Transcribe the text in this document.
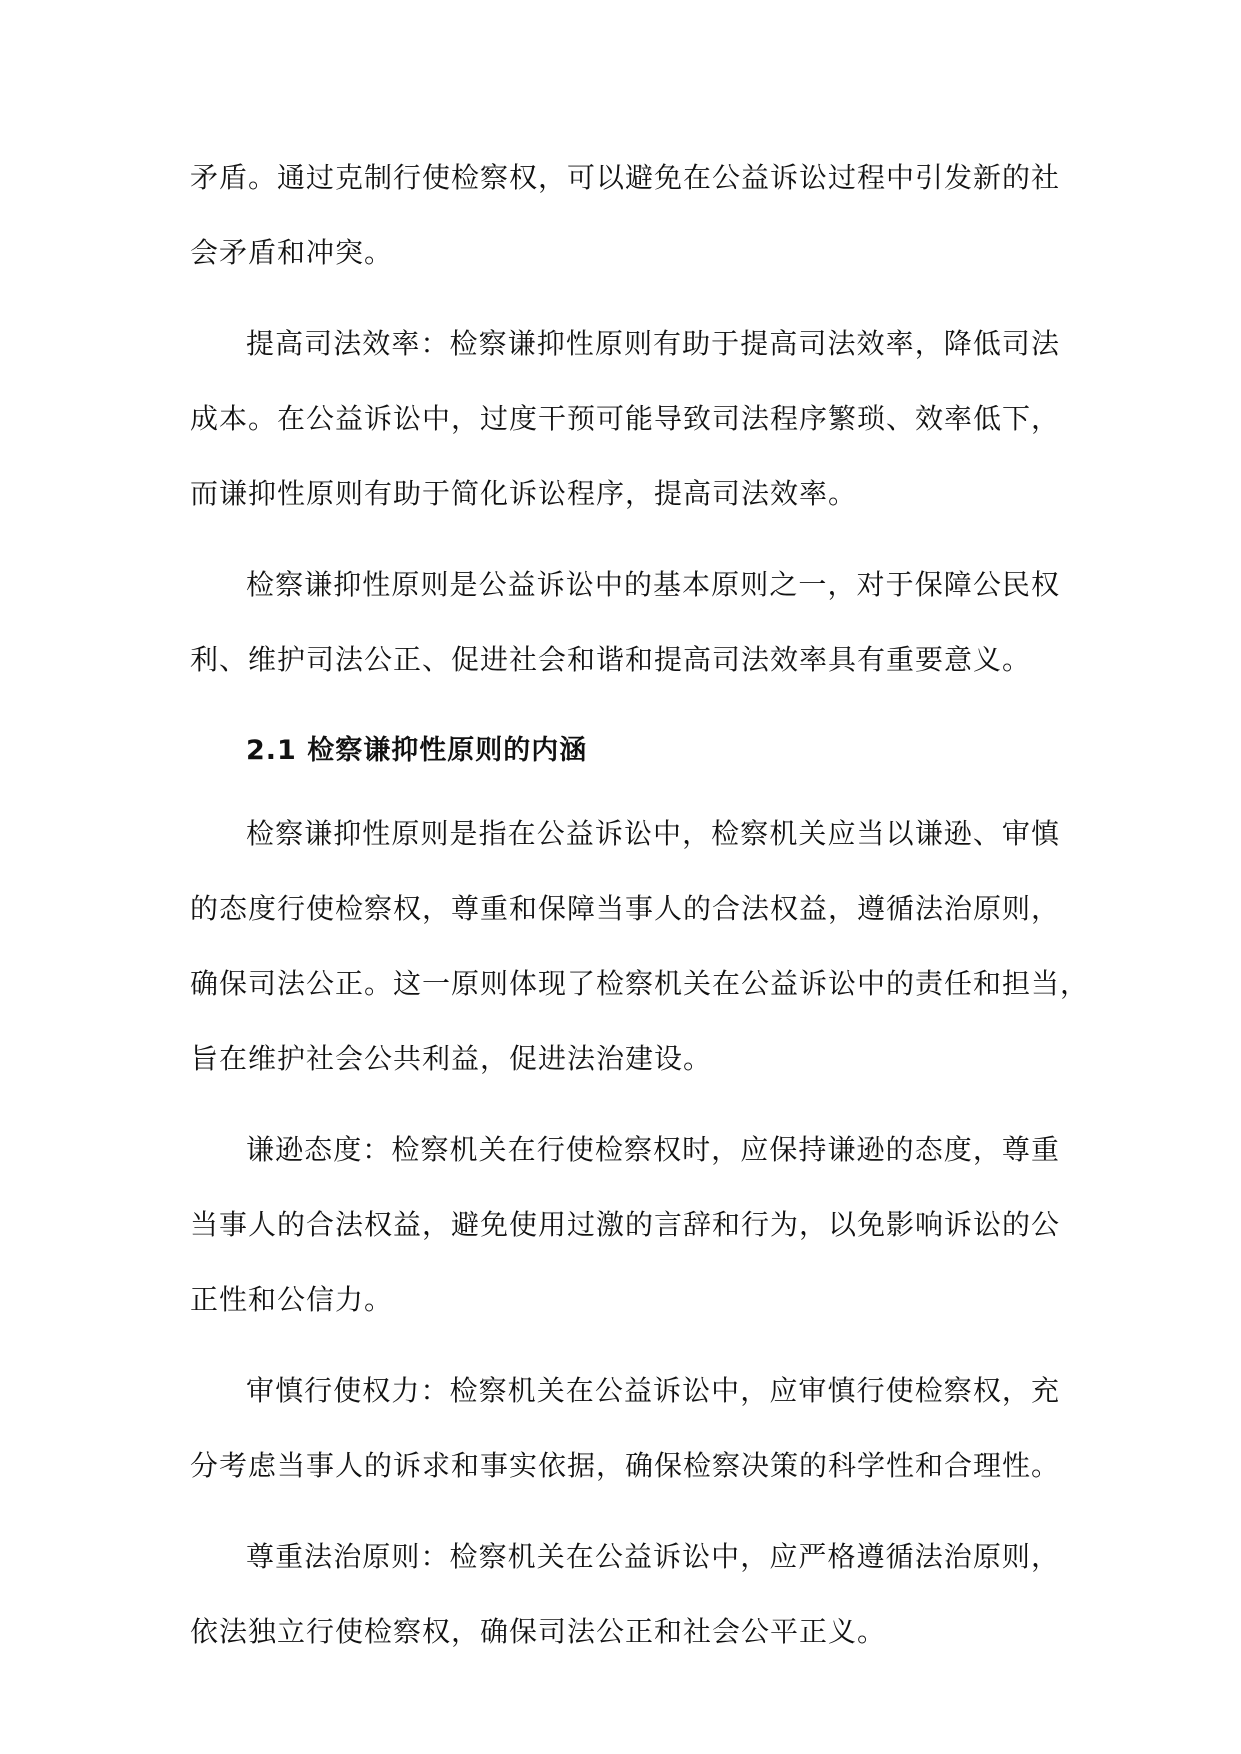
矛盾。通过克制行使检察权，可以避免在公益诉讼过程中引发新的社
会矛盾和冲突。
提高司法效率：检察谦抑性原则有助于提高司法效率，降低司法
成本。在公益诉讼中，过度干预可能导致司法程序繁琐、效率低下，
而谦抑性原则有助于简化诉讼程序，提高司法效率。
检察谦抑性原则是公益诉讼中的基本原则之一，对于保障公民权
利、维护司法公正、促进社会和谐和提高司法效率具有重要意义。
2.1 检察谦抑性原则的内涵
检察谦抑性原则是指在公益诉讼中，检察机关应当以谦逊、审慎
的态度行使检察权，尊重和保障当事人的合法权益，遵循法治原则，
确保司法公正。这一原则体现了检察机关在公益诉讼中的责任和担当，
旨在维护社会公共利益，促进法治建设。
谦逊态度：检察机关在行使检察权时，应保持谦逊的态度，尊重
当事人的合法权益，避免使用过激的言辞和行为，以免影响诉讼的公
正性和公信力。
审慎行使权力：检察机关在公益诉讼中，应审慎行使检察权，充
分考虑当事人的诉求和事实依据，确保检察决策的科学性和合理性。
尊重法治原则：检察机关在公益诉讼中，应严格遵循法治原则，
依法独立行使检察权，确保司法公正和社会公平正义。
